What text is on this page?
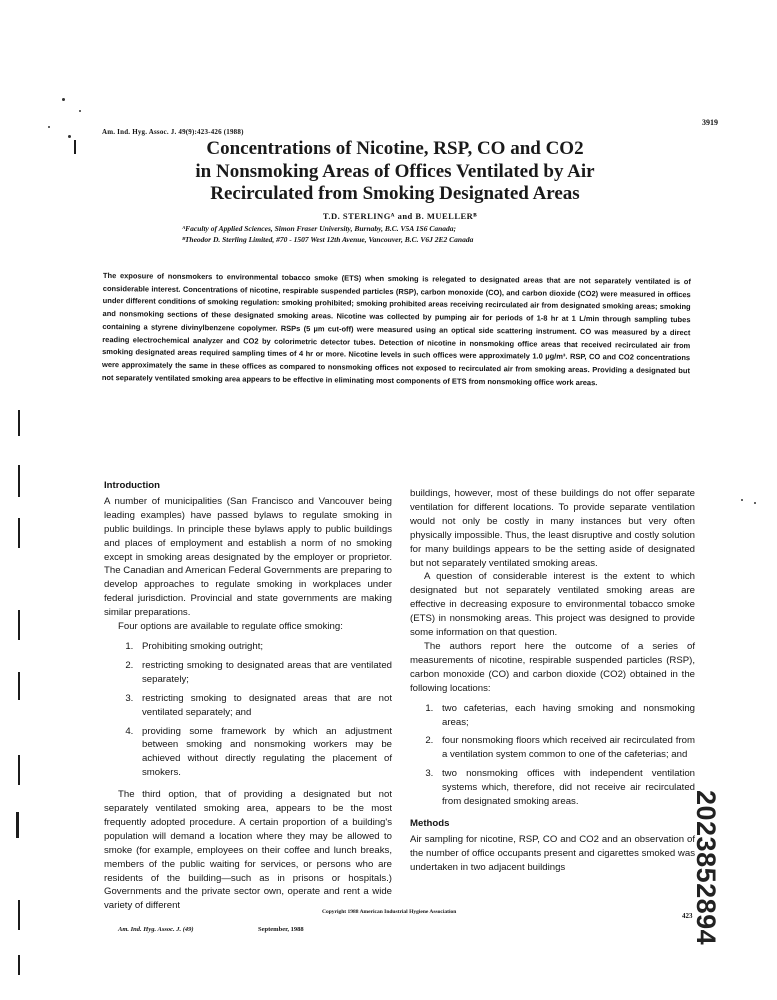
Am. Ind. Hyg. Assoc. J. 49(9):423-426 (1988)
3919
Concentrations of Nicotine, RSP, CO and CO2
in Nonsmoking Areas of Offices Ventilated by Air
Recirculated from Smoking Designated Areas
T.D. STERLINGᴬ and B. MUELLERᴮ
ᴬFaculty of Applied Sciences, Simon Fraser University, Burnaby, B.C. V5A 1S6 Canada;
ᴮTheodor D. Sterling Limited, #70 - 1507 West 12th Avenue, Vancouver, B.C. V6J 2E2 Canada
The exposure of nonsmokers to environmental tobacco smoke (ETS) when smoking is relegated to designated areas that are not separately ventilated is of considerable interest. Concentrations of nicotine, respirable suspended particles (RSP), carbon monoxide (CO), and carbon dioxide (CO2) were measured in offices under different conditions of smoking regulation: smoking prohibited; smoking prohibited areas receiving recirculated air from designated smoking areas; smoking and nonsmoking sections of these designated smoking areas. Nicotine was collected by pumping air for periods of 1-8 hr at 1 L/min through sampling tubes containing a styrene divinylbenzene copolymer. RSPs (5 µm cut-off) were measured using an optical side scattering instrument. CO was measured by a direct reading electrochemical analyzer and CO2 by colorimetric detector tubes. Detection of nicotine in nonsmoking office areas that received recirculated air from smoking designated areas required sampling times of 4 hr or more. Nicotine levels in such offices were approximately 1.0 µg/m³. RSP, CO and CO2 concentrations were approximately the same in these offices as compared to nonsmoking offices not exposed to recirculated air from smoking areas. Providing a designated but not separately ventilated smoking area appears to be effective in eliminating most components of ETS from nonsmoking office work areas.
Introduction

A number of municipalities (San Francisco and Vancouver being leading examples) have passed bylaws to regulate smoking in public buildings. In principle these bylaws apply to public buildings and places of employment and establish a norm of no smoking except in smoking areas designated by the employer or proprietor. The Canadian and American Federal Governments are preparing to develop approaches to regulate smoking in workplaces under federal jurisdiction. Provincial and state governments are making similar preparations.

Four options are available to regulate office smoking:

1. Prohibiting smoking outright;
2. restricting smoking to designated areas that are ventilated separately;
3. restricting smoking to designated areas that are not ventilated separately; and
4. providing some framework by which an adjustment between smoking and nonsmoking workers may be achieved without directly regulating the placement of smokers.

The third option, that of providing a designated but not separately ventilated smoking area, appears to be the most frequently adopted procedure. A certain proportion of a building's population will demand a location where they may be allowed to smoke (for example, employees on their coffee and lunch breaks, members of the public waiting for services, or persons who are residents of the building—such as in prisons or hospitals.) Governments and the private sector own, operate and rent a wide variety of different

buildings, however, most of these buildings do not offer separate ventilation for different locations. To provide separate ventilation would not only be costly in many instances but very often physically impossible. Thus, the least disruptive and costly solution for many buildings appears to be the setting aside of designated but not separately ventilated smoking areas.

A question of considerable interest is the extent to which designated but not separately ventilated smoking areas are effective in decreasing exposure to environmental tobacco smoke (ETS) in nonsmoking areas. This project was designed to provide some information on that question.

The authors report here the outcome of a series of measurements of nicotine, respirable suspended particles (RSP), carbon monoxide (CO) and carbon dioxide (CO2) obtained in the following locations:

1. two cafeterias, each having smoking and nonsmoking areas;
2. four nonsmoking floors which received air recirculated from a ventilation system common to one of the cafeterias; and
3. two nonsmoking offices with independent ventilation systems which, therefore, did not receive air recirculated from designated smoking areas.
Methods

Air sampling for nicotine, RSP, CO and CO2 and an observation of the number of office occupants present and cigarettes smoked was undertaken in two adjacent buildings

Copyright 1988 American Industrial Hygiene Association
Am. Ind. Hyg. Assoc. J. (49)	September, 1988
423
2023852894
